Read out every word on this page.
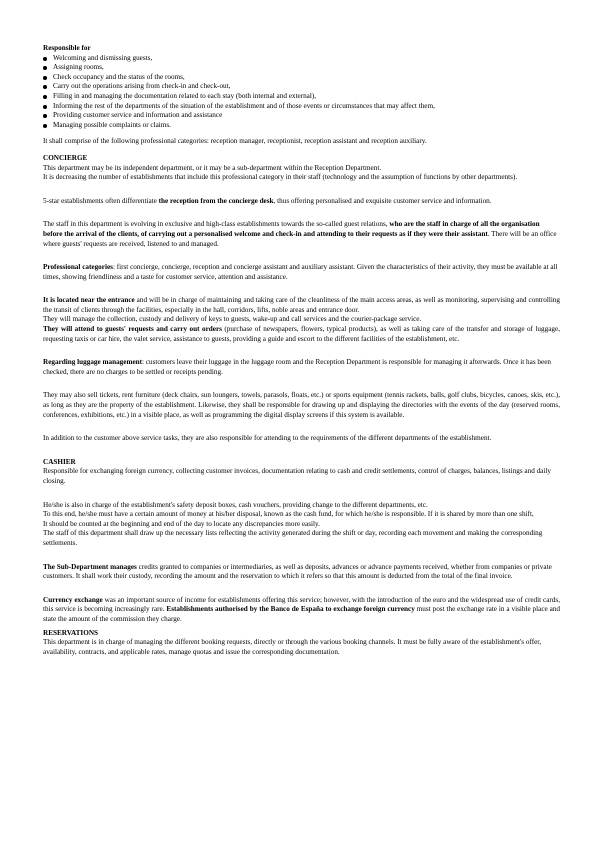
Responsible for

Welcoming and dismissing guests,
Assigning rooms,
Check occupancy and the status of the rooms,
Carry out the operations arising from check-in and check-out,
Filling in and managing the documentation related to each stay (both internal and external),
Informing the rest of the departments of the situation of the establishment and of those events or circumstances that may affect them,
Providing customer service and information and assistance
Managing possible complaints or claims.

It shall comprise of the following professional categories: reception manager, receptionist, reception assistant and reception auxiliary.

CONCIERGE

This department may be its independent department, or it may be a sub-department within the Reception Department.

It is decreasing the number of establishments that include this professional category in their staff (technology and the assumption of functions by other departments).

5-star establishments often differentiate the reception from the concierge desk, thus offering personalised and exquisite customer service and information.

The staff in this department is evolving in exclusive and high-class establishments towards the so-called guest relations, who are the staff in charge of all the organisation before the arrival of the clients, of carrying out a personalised welcome and check-in and attending to their requests as if they were their assistant. There will be an office where guests' requests are received, listened to and managed.

Professional categories: first concierge, concierge, reception and concierge assistant and auxiliary assistant. Given the characteristics of their activity, they must be available at all times, showing friendliness and a taste for customer service, attention and assistance.

It is located near the entrance and will be in charge of maintaining and taking care of the cleanliness of the main access areas, as well as monitoring, supervising and controlling the transit of clients through the facilities, especially in the hall, corridors, lifts, noble areas and entrance door.

They will manage the collection, custody and delivery of keys to guests, wake-up and call services and the courier-package service.

They will attend to guests' requests and carry out orders (purchase of newspapers, flowers, typical products), as well as taking care of the transfer and storage of luggage, requesting taxis or car hire, the valet service, assistance to guests, providing a guide and escort to the different facilities of the establishment, etc.

Regarding luggage management: customers leave their luggage in the luggage room and the Reception Department is responsible for managing it afterwards. Once it has been checked, there are no charges to be settled or receipts pending.

They may also sell tickets, rent furniture (deck chairs, sun loungers, towels, parasols, floats, etc.) or sports equipment (tennis rackets, balls, golf clubs, bicycles, canoes, skis, etc.), as long as they are the property of the establishment. Likewise, they shall be responsible for drawing up and displaying the directories with the events of the day (reserved rooms, conferences, exhibitions, etc.) in a visible place, as well as programming the digital display screens if this system is available.

In addition to the customer above service tasks, they are also responsible for attending to the requirements of the different departments of the establishment.

CASHIER

Responsible for exchanging foreign currency, collecting customer invoices, documentation relating to cash and credit settlements, control of charges, balances, listings and daily closing.

He/she is also in charge of the establishment's safety deposit boxes, cash vouchers, providing change to the different departments, etc.

To this end, he/she must have a certain amount of money at his/her disposal, known as the cash fund, for which he/she is responsible. If it is shared by more than one shift,

It should be counted at the beginning and end of the day to locate any discrepancies more easily.

The staff of this department shall draw up the necessary lists reflecting the activity generated during the shift or day, recording each movement and making the corresponding settlements.

The Sub-Department manages credits granted to companies or intermediaries, as well as deposits, advances or advance payments received, whether from companies or private customers. It shall work their custody, recording the amount and the reservation to which it refers so that this amount is deducted from the total of the final invoice.

Currency exchange was an important source of income for establishments offering this service; however, with the introduction of the euro and the widespread use of credit cards, this service is becoming increasingly rare. Establishments authorised by the Banco de España to exchange foreign currency must post the exchange rate in a visible place and state the amount of the commission they charge.

RESERVATIONS

This department is in charge of managing the different booking requests, directly or through the various booking channels. It must be fully aware of the establishment's offer, availability, contracts, and applicable rates, manage quotas and issue the corresponding documentation.
